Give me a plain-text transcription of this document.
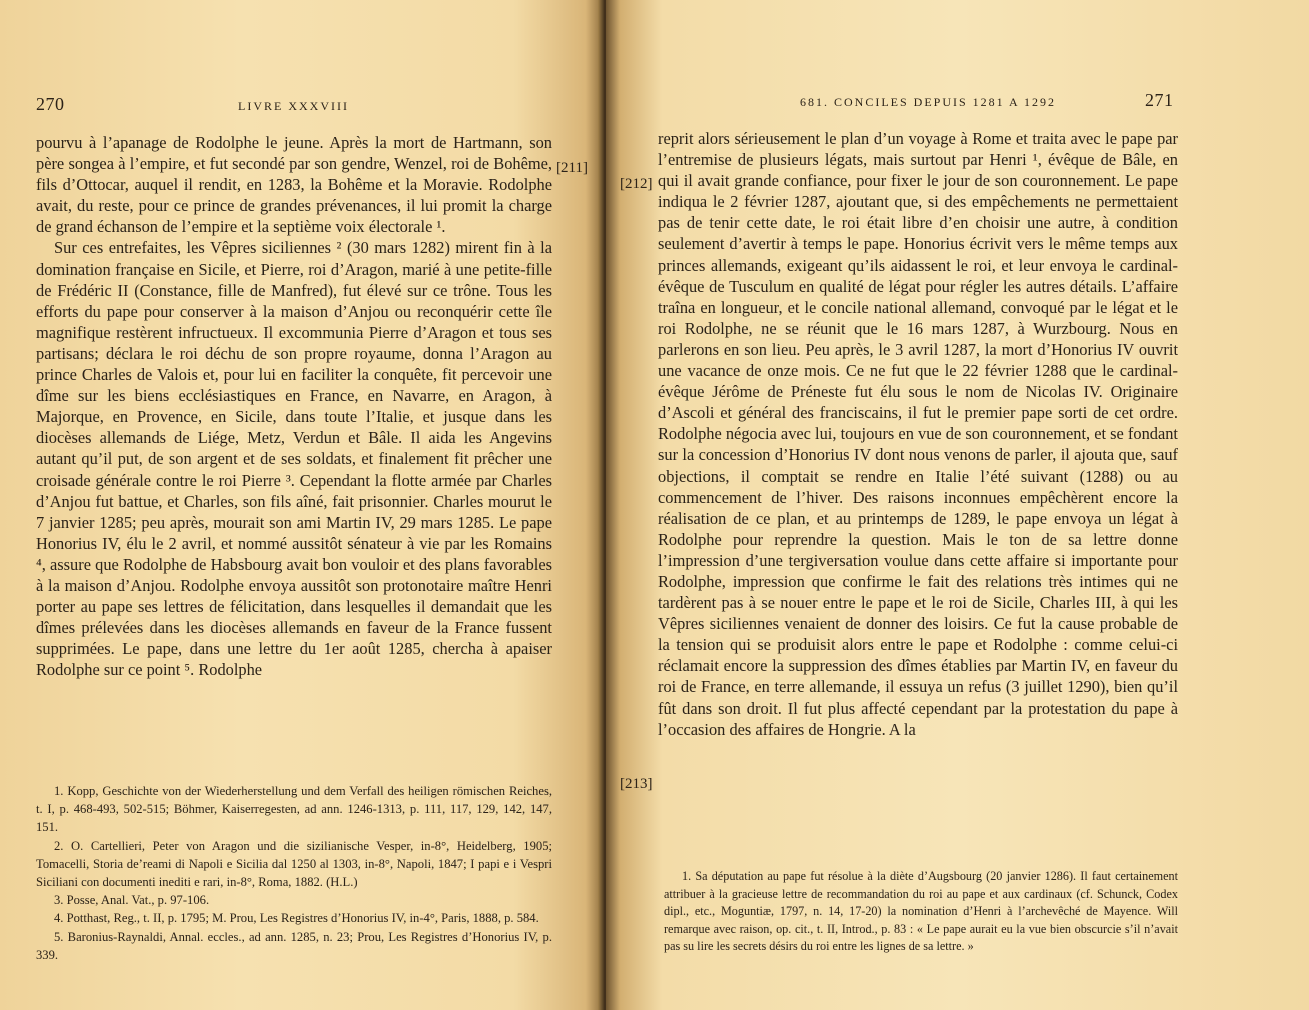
270	LIVRE XXXVIII

pourvu à l’apanage de Rodolphe le jeune. Après la mort de Hartmann, son père songea à l’empire, et fut secondé par son gendre, Wenzel, roi de Bohême, fils d’Ottocar, auquel il rendit, en 1283, la Bohême et la Moravie. Rodolphe avait, du reste, pour ce prince de grandes prévenances, il lui promit la charge de grand échanson de l’empire et la septième voix électorale ¹.

Sur ces entrefaites, les Vêpres siciliennes ² (30 mars 1282) mirent fin à la domination française en Sicile, et Pierre, roi d’Aragon, marié à une petite-fille de Frédéric II (Constance, fille de Manfred), fut élevé sur ce trône. Tous les efforts du pape pour conserver à la maison d’Anjou ou reconquérir cette île magnifique restèrent infructueux. Il excommunia Pierre d’Aragon et tous ses partisans; déclara le roi déchu de son propre royaume, donna l’Aragon au prince Charles de Valois et, pour lui en faciliter la conquête, fit percevoir une dîme sur les biens ecclésiastiques en France, en Navarre, en Aragon, à Majorque, en Provence, en Sicile, dans toute l’Italie, et jusque dans les diocèses allemands de Liége, Metz, Verdun et Bâle. Il aida les Angevins autant qu’il put, de son argent et de ses soldats, et finalement fit prêcher une croisade générale contre le roi Pierre ³. Cependant la flotte armée par Charles d’Anjou fut battue, et Charles, son fils aîné, fait prisonnier. Charles mourut le 7 janvier 1285; peu après, mourait son ami Martin IV, 29 mars 1285. Le pape Honorius IV, élu le 2 avril, et nommé aussitôt sénateur à vie par les Romains ⁴, assure que Rodolphe de Habsbourg avait bon vouloir et des plans favorables à la maison d’Anjou. Rodolphe envoya aussitôt son protonotaire maître Henri porter au pape ses lettres de félicitation, dans lesquelles il demandait que les dîmes prélevées dans les diocèses allemands en faveur de la France fussent supprimées. Le pape, dans une lettre du 1er août 1285, chercha à apaiser Rodolphe sur ce point ⁵. Rodolphe

[211]

1. Kopp, Geschichte von der Wiederherstellung und dem Verfall des heiligen römischen Reiches, t. I, p. 468-493, 502-515; Böhmer, Kaiserregesten, ad ann. 1246-1313, p. 111, 117, 129, 142, 147, 151.

2. O. Cartellieri, Peter von Aragon und die sizilianische Vesper, in-8°, Heidelberg, 1905; Tomacelli, Storia de’reami di Napoli e Sicilia dal 1250 al 1303, in-8°, Napoli, 1847; I papi e i Vespri Siciliani con documenti inediti e rari, in-8°, Roma, 1882. (H.L.)

3. Posse, Anal. Vat., p. 97-106.

4. Potthast, Reg., t. II, p. 1795; M. Prou, Les Registres d’Honorius IV, in-4°, Paris, 1888, p. 584.

5. Baronius-Raynaldi, Annal. eccles., ad ann. 1285, n. 23; Prou, Les Registres d’Honorius IV, p. 339.

681. CONCILES DEPUIS 1281 A 1292	271
[212]
[213]

reprit alors sérieusement le plan d’un voyage à Rome et traita avec le pape par l’entremise de plusieurs légats, mais surtout par Henri ¹, évêque de Bâle, en qui il avait grande confiance, pour fixer le jour de son couronnement. Le pape indiqua le 2 février 1287, ajoutant que, si des empêchements ne permettaient pas de tenir cette date, le roi était libre d’en choisir une autre, à condition seulement d’avertir à temps le pape. Honorius écrivit vers le même temps aux princes allemands, exigeant qu’ils aidassent le roi, et leur envoya le cardinal-évêque de Tusculum en qualité de légat pour régler les autres détails. L’affaire traîna en longueur, et le concile national allemand, convoqué par le légat et le roi Rodolphe, ne se réunit que le 16 mars 1287, à Wurzbourg. Nous en parlerons en son lieu. Peu après, le 3 avril 1287, la mort d’Honorius IV ouvrit une vacance de onze mois. Ce ne fut que le 22 février 1288 que le cardinal-évêque Jérôme de Préneste fut élu sous le nom de Nicolas IV. Originaire d’Ascoli et général des franciscains, il fut le premier pape sorti de cet ordre. Rodolphe négocia avec lui, toujours en vue de son couronnement, et se fondant sur la concession d’Honorius IV dont nous venons de parler, il ajouta que, sauf objections, il comptait se rendre en Italie l’été suivant (1288) ou au commencement de l’hiver. Des raisons inconnues empêchèrent encore la réalisation de ce plan, et au printemps de 1289, le pape envoya un légat à Rodolphe pour reprendre la question. Mais le ton de sa lettre donne l’impression d’une tergiversation voulue dans cette affaire si importante pour Rodolphe, impression que confirme le fait des relations très intimes qui ne tardèrent pas à se nouer entre le pape et le roi de Sicile, Charles III, à qui les Vêpres siciliennes venaient de donner des loisirs. Ce fut la cause probable de la tension qui se produisit alors entre le pape et Rodolphe : comme celui-ci réclamait encore la suppression des dîmes établies par Martin IV, en faveur du roi de France, en terre allemande, il essuya un refus (3 juillet 1290), bien qu’il fût dans son droit. Il fut plus affecté cependant par la protestation du pape à l’occasion des affaires de Hongrie. A la

1. Sa députation au pape fut résolue à la diète d’Augsbourg (20 janvier 1286). Il faut certainement attribuer à la gracieuse lettre de recommandation du roi au pape et aux cardinaux (cf. Schunck, Codex dipl., etc., Moguntiæ, 1797, n. 14, 17-20) la nomination d’Henri à l’archevêché de Mayence. Will remarque avec raison, op. cit., t. II, Introd., p. 83 : « Le pape aurait eu la vue bien obscurcie s’il n’avait pas su lire les secrets désirs du roi entre les lignes de sa lettre. »
